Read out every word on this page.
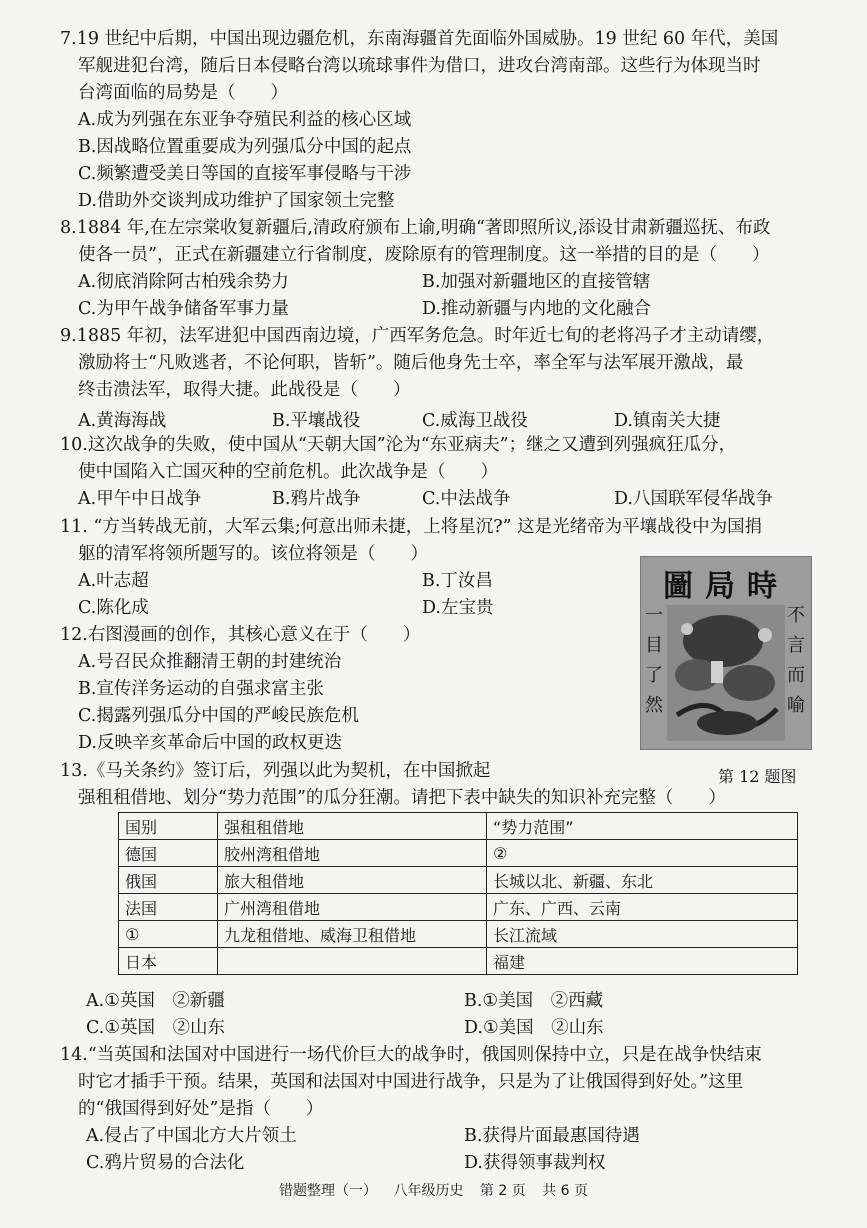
7.19 世纪中后期，中国出现边疆危机，东南海疆首先面临外国威胁。19 世纪 60 年代，美国
军舰进犯台湾，随后日本侵略台湾以琉球事件为借口，进攻台湾南部。这些行为体现当时
台湾面临的局势是（　　）
A.成为列强在东亚争夺殖民利益的核心区域
B.因战略位置重要成为列强瓜分中国的起点
C.频繁遭受美日等国的直接军事侵略与干涉
D.借助外交谈判成功维护了国家领土完整
8.1884 年,在左宗棠收复新疆后,清政府颁布上谕,明确“著即照所议,添设甘肃新疆巡抚、布政
使各一员”，正式在新疆建立行省制度，废除原有的管理制度。这一举措的目的是（　　）
A.彻底消除阿古柏残余势力	B.加强对新疆地区的直接管辖
C.为甲午战争储备军事力量	D.推动新疆与内地的文化融合
9.1885 年初，法军进犯中国西南边境，广西军务危急。时年近七旬的老将冯子才主动请缨，
激励将士“凡败逃者，不论何职，皆斩”。随后他身先士卒，率全军与法军展开激战，最
终击溃法军，取得大捷。此战役是（　　）
A.黄海海战	B.平壤战役	C.威海卫战役	D.镇南关大捷
10.这次战争的失败，使中国从“天朝大国”沦为“东亚病夫”；继之又遭到列强疯狂瓜分，
使中国陷入亡国灭种的空前危机。此次战争是（　　）
A.甲午中日战争	B.鸦片战争	C.中法战争	D.八国联军侵华战争
11. “方当转战无前，大军云集;何意出师未捷，上将星沉?” 这是光绪帝为平壤战役中为国捐
躯的清军将领所题写的。该位将领是（　　）
A.叶志超	B.丁汝昌
C.陈化成	D.左宝贵
12.右图漫画的创作，其核心意义在于（　　）
A.号召民众推翻清王朝的封建统治
B.宣传洋务运动的自强求富主张
C.揭露列强瓜分中国的严峻民族危机
D.反映辛亥革命后中国的政权更迭
圖局時
一目了然
不言而喻
第 12 题图
13.《马关条约》签订后，列强以此为契机，在中国掀起
强租租借地、划分“势力范围”的瓜分狂潮。请把下表中缺失的知识补充完整（　　）
国别	强租租借地	“势力范围”
德国	胶州湾租借地	②
俄国	旅大租借地	长城以北、新疆、东北
法国	广州湾租借地	广东、广西、云南
①	九龙租借地、威海卫租借地	长江流域
日本		福建
A.①英国　②新疆	B.①美国　②西藏
C.①英国　②山东	D.①美国　②山东
14.“当英国和法国对中国进行一场代价巨大的战争时，俄国则保持中立，只是在战争快结束
时它才插手干预。结果，英国和法国对中国进行战争，只是为了让俄国得到好处。”这里
的“俄国得到好处”是指（　　）
A.侵占了中国北方大片领土	B.获得片面最惠国待遇
C.鸦片贸易的合法化	D.获得领事裁判权
错题整理（一） 八年级历史 第 2 页 共 6 页
